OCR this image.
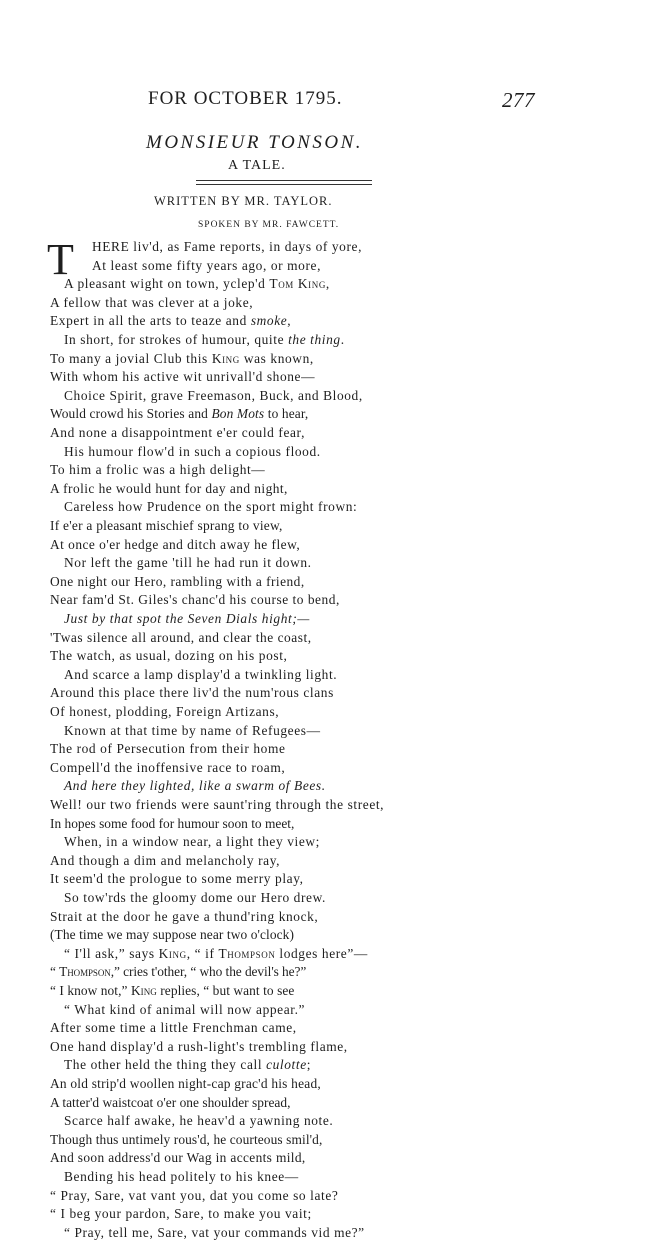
FOR OCTOBER 1795.	277
MONSIEUR TONSON.
A TALE.
WRITTEN BY MR. TAYLOR.
SPOKEN BY MR. FAWCETT.
T HERE liv'd, as Fame reports, in days of yore,
At least some fifty years ago, or more,
A pleasant wight on town, yclep'd Tom King,
A fellow that was clever at a joke,
Expert in all the arts to teaze and smoke,
In short, for strokes of humour, quite the thing.
To many a jovial Club this King was known,
With whom his active wit unrivall'd shone—
Choice Spirit, grave Freemason, Buck, and Blood,
Would crowd his Stories and Bon Mots to hear,
And none a disappointment e'er could fear,
His humour flow'd in such a copious flood.
To him a frolic was a high delight—
A frolic he would hunt for day and night,
Careless how Prudence on the sport might frown:
If e'er a pleasant mischief sprang to view,
At once o'er hedge and ditch away he flew,
Nor left the game 'till he had run it down.
One night our Hero, rambling with a friend,
Near fam'd St. Giles's chanc'd his course to bend,
Just by that spot the Seven Dials hight;—
'Twas silence all around, and clear the coast,
The watch, as usual, dozing on his post,
And scarce a lamp display'd a twinkling light.
Around this place there liv'd the num'rous clans
Of honest, plodding, Foreign Artizans,
Known at that time by name of Refugees—
The rod of Persecution from their home
Compell'd the inoffensive race to roam,
And here they lighted, like a swarm of Bees.
Well! our two friends were saunt'ring through the street,
In hopes some food for humour soon to meet,
When, in a window near, a light they view;
And though a dim and melancholy ray,
It seem'd the prologue to some merry play,
So tow'rds the gloomy dome our Hero drew.
Strait at the door he gave a thund'ring knock,
(The time we may suppose near two o'clock)
“ I'll ask,” says King, “ if Thompson lodges here”—
“ Thompson,” cries t'other, “ who the devil's he?”
“ I know not,” King replies, “ but want to see
“ What kind of animal will now appear.”
After some time a little Frenchman came,
One hand display'd a rush-light's trembling flame,
The other held the thing they call culotte;
An old strip'd woollen night-cap grac'd his head,
A tatter'd waistcoat o'er one shoulder spread,
Scarce half awake, he heav'd a yawning note.
Though thus untimely rous'd, he courteous smil'd,
And soon address'd our Wag in accents mild,
Bending his head politely to his knee—
“ Pray, Sare, vat vant you, dat you come so late?
“ I beg your pardon, Sare, to make you vait;
“ Pray, tell me, Sare, vat your commands vid me?”
